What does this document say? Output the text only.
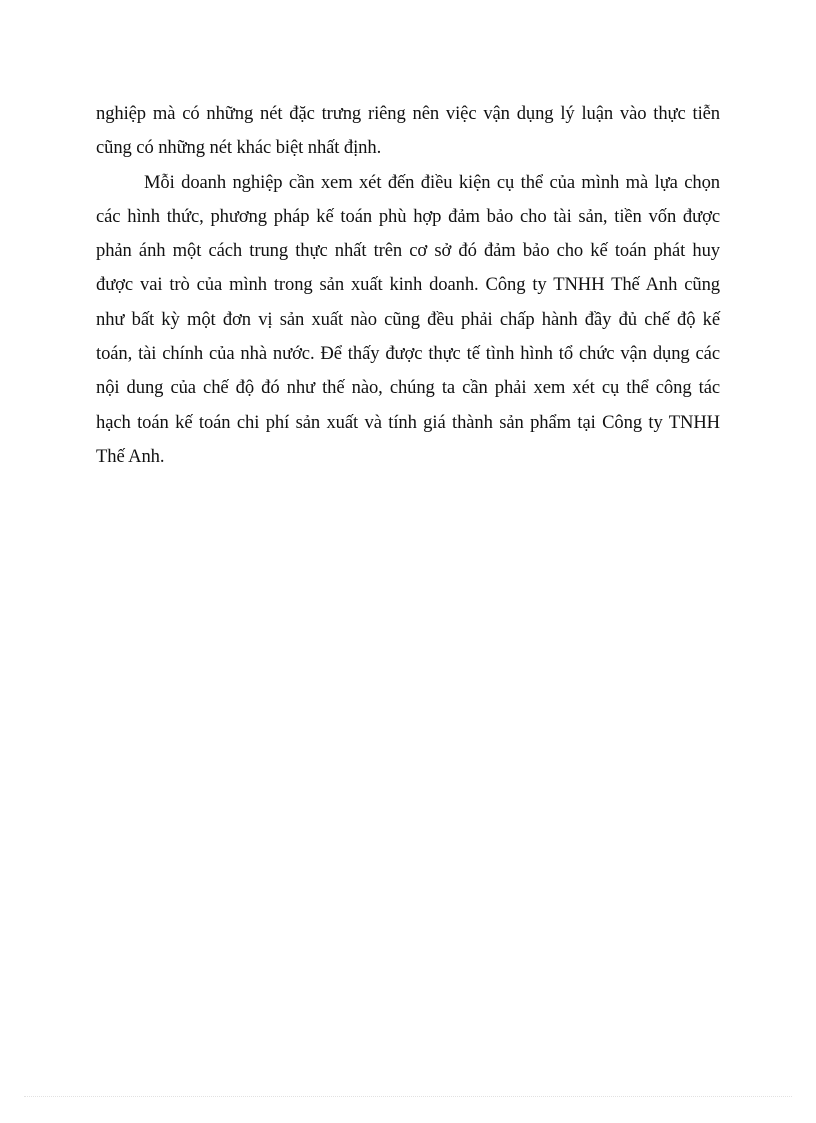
nghiệp mà có những nét đặc trưng riêng nên việc vận dụng lý luận vào thực tiễn
cũng có những nét khác biệt nhất định.
Mỗi doanh nghiệp cần xem xét đến điều kiện cụ thể của mình mà lựa chọn
các hình thức, phương pháp kế toán phù hợp đảm bảo cho tài sản, tiền vốn được
phản ánh một cách trung thực nhất trên cơ sở đó đảm bảo cho kế toán phát huy
được vai trò của mình trong sản xuất kinh doanh. Công ty TNHH Thế Anh cũng
như bất kỳ một đơn vị sản xuất nào cũng đều phải chấp hành đầy đủ chế độ kế
toán, tài chính của nhà nước. Để thấy được thực tế tình hình tổ chức vận dụng các
nội dung của chế độ đó như thế nào, chúng ta cần phải xem xét cụ thể công tác
hạch toán kế toán chi phí sản xuất và tính giá thành sản phẩm tại Công ty TNHH
Thế Anh.
